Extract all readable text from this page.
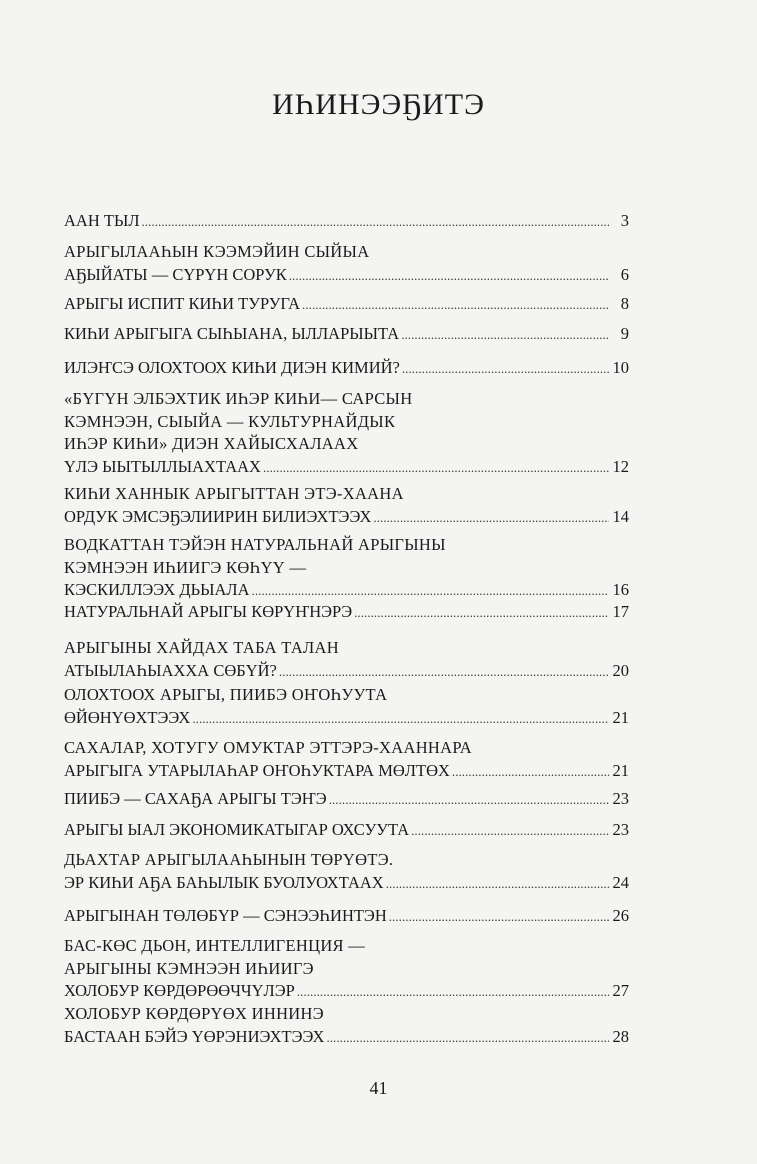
ИҺИНЭЭҔИТЭ
ААН ТЫЛ . . .	3
АРЫГЫЛААҺЫН КЭЭМЭЙИН СЫЙЫА
АҔЫЙАТЫ — СҮРҮН СОРУК . . .	6
АРЫГЫ ИСПИТ КИҺИ ТУРУГА . . .	8
КИҺИ АРЫГЫГА СЫҺЫАНА, ЫЛЛАРЫЫТА . . .	9
ИЛЭҤСЭ ОЛОХТООХ КИҺИ ДИЭН КИМИЙ? . . .	10
«БҮГҮН ЭЛБЭХТИК ИҺЭР КИҺИ— САРСЫН
КЭМНЭЭН, СЫЫЙА — КУЛЬТУРНАЙДЫК
ИҺЭР КИҺИ» ДИЭН ХАЙЫСХАЛААХ
ҮЛЭ ЫЫТЫЛЛЫАХТААХ . . .	12
КИҺИ ХАННЫК АРЫГЫТТАН ЭТЭ-ХААНА
ОРДУК ЭМСЭҔЭЛИИРИН БИЛИЭХТЭЭХ . . .	14
ВОДКАТТАН ТЭЙЭН НАТУРАЛЬНАЙ АРЫГЫНЫ
КЭМНЭЭН ИҺИИГЭ КӨҺҮҮ —
КЭСКИЛЛЭЭХ ДЬЫАЛА . . .	16
НАТУРАЛЬНАЙ АРЫГЫ КӨРҮҤНЭРЭ . . .	17
АРЫГЫНЫ ХАЙДАХ ТАБА ТАЛАН
АТЫЫЛАҺЫАХХА СӨБҮЙ? . . .	20
ОЛОХТООХ АРЫГЫ, ПИИБЭ ОҤОҺУУТА
ӨЙӨНҮӨХТЭЭХ . . .	21
САХАЛАР, ХОТУГУ ОМУКТАР ЭТТЭРЭ-ХААННАРА
АРЫГЫГА УТАРЫЛАҺАР ОҤОҺУКТАРА МӨЛТӨХ . . .	21
ПИИБЭ — САХАҔА АРЫГЫ ТЭҤЭ . . .	23
АРЫГЫ ЫАЛ ЭКОНОМИКАТЫГАР ОХСУУТА . . .	23
ДЬАХТАР АРЫГЫЛААҺЫНЫН ТӨРҮӨТЭ.
ЭР КИҺИ АҔА БАҺЫЛЫК БУОЛУОХТААХ . . .	24
АРЫГЫНАН ТӨЛӨБҮР — СЭНЭЭҺИНТЭН . . .	26
БАС-КӨС ДЬОН, ИНТЕЛЛИГЕНЦИЯ —
АРЫГЫНЫ КЭМНЭЭН ИҺИИГЭ
ХОЛОБУР КӨРДӨРӨӨЧЧҮЛЭР . . .	27
ХОЛОБУР КӨРДӨРҮӨХ ИННИНЭ
БАСТААН БЭЙЭ ҮӨРЭНИЭХТЭЭХ . . .	28
41
